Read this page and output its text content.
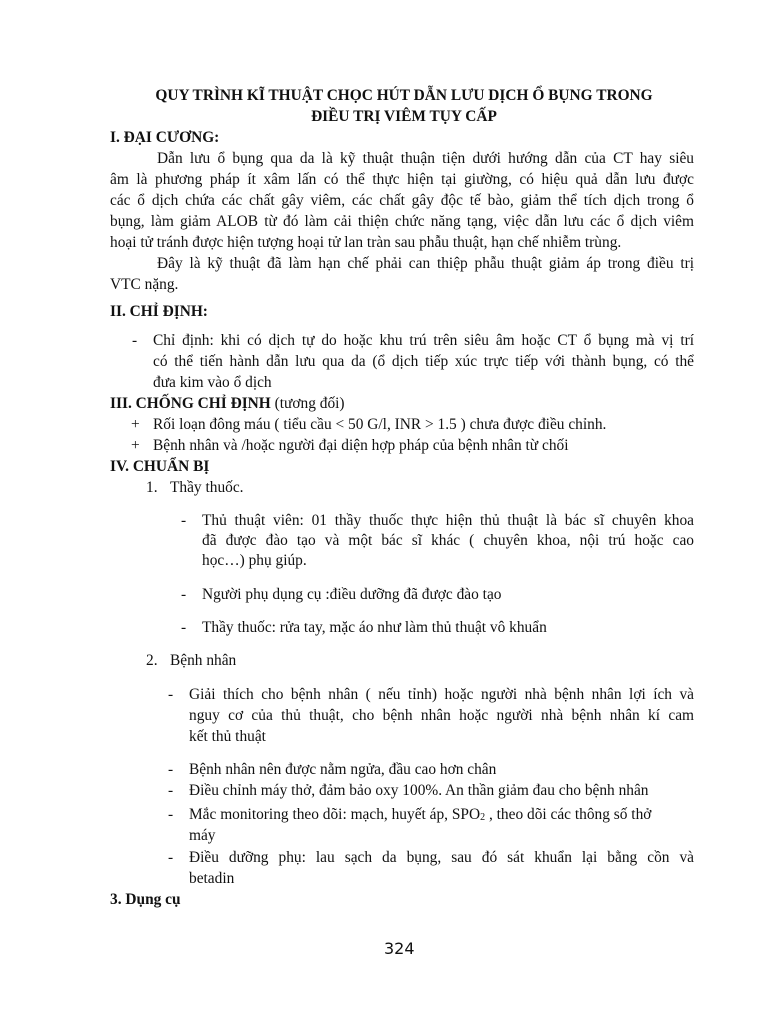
QUY TRÌNH KĨ THUẬT CHỌC HÚT DẪN LƯU DỊCH Ổ BỤNG TRONG
ĐIỀU TRỊ VIÊM TỤY CẤP
I. ĐẠI CƯƠNG:
Dẫn lưu ổ bụng qua da là kỹ thuật thuận tiện dưới hướng dẫn của CT hay siêu
âm là phương pháp ít xâm lấn có thể thực hiện tại giường, có hiệu quả dẫn lưu được
các ổ dịch chứa các chất gây viêm, các chất gây độc tế bào, giảm thể tích dịch trong ổ
bụng, làm giảm ALOB từ đó làm cải thiện chức năng tạng, việc dẫn lưu các ổ dịch viêm
hoại tử tránh được hiện tượng hoại tử lan tràn sau phẫu thuật, hạn chế nhiễm trùng.
Đây là kỹ thuật đã làm hạn chế phải can thiệp phẫu thuật giảm áp trong điều trị
VTC nặng.
II. CHỈ ĐỊNH:
- Chỉ định: khi có dịch tự do hoặc khu trú trên siêu âm hoặc CT ổ bụng mà vị trí
có thể tiến hành dẫn lưu qua da (ổ dịch tiếp xúc trực tiếp với thành bụng, có thể
đưa kim vào ổ dịch
III. CHỐNG CHỈ ĐỊNH (tương đối)
+ Rối loạn đông máu ( tiểu cầu < 50 G/l, INR > 1.5 ) chưa được điều chỉnh.
+ Bệnh nhân và /hoặc người đại diện hợp pháp của bệnh nhân từ chối
IV. CHUẨN BỊ
1. Thầy thuốc.
- Thủ thuật viên: 01 thầy thuốc thực hiện thủ thuật là bác sĩ chuyên khoa
đã được đào tạo và một bác sĩ khác ( chuyên khoa, nội trú hoặc cao
học…) phụ giúp.
- Người phụ dụng cụ :điều dưỡng đã được đào tạo
- Thầy thuốc: rửa tay, mặc áo như làm thủ thuật vô khuẩn
2. Bệnh nhân
- Giải thích cho bệnh nhân ( nếu tỉnh) hoặc người nhà bệnh nhân lợi ích và
nguy cơ của thủ thuật, cho bệnh nhân hoặc người nhà bệnh nhân kí cam
kết thủ thuật
- Bệnh nhân nên được nằm ngửa, đầu cao hơn chân
- Điều chỉnh máy thở, đảm bảo oxy 100%. An thần giảm đau cho bệnh nhân
- Mắc monitoring theo dõi: mạch, huyết áp, $SPO_2$ , theo dõi các thông số thở
máy
- Điều dưỡng phụ: lau sạch da bụng, sau đó sát khuẩn lại bằng cồn và
betadin
3. Dụng cụ
324
